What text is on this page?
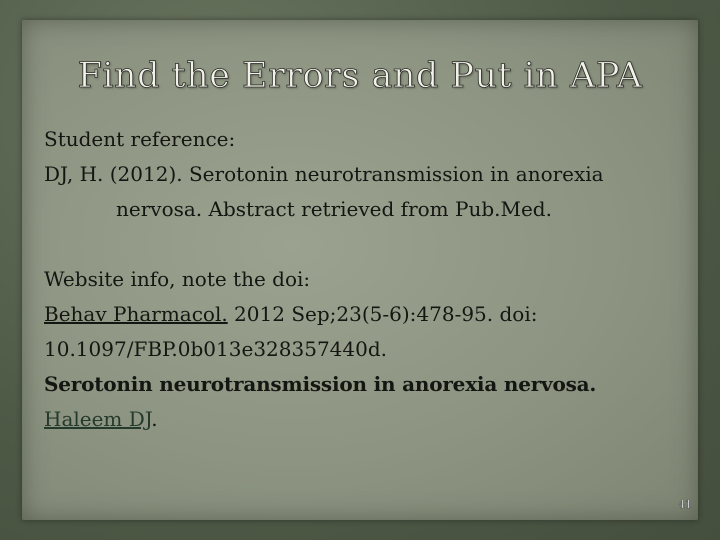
Find the Errors and Put in APA
Student reference:
DJ, H. (2012). Serotonin neurotransmission in anorexia
nervosa. Abstract retrieved from Pub.Med.
Website info, note the doi:
Behav Pharmacol. 2012 Sep;23(5-6):478-95. doi:
10.1097/FBP.0b013e328357440d.
Serotonin neurotransmission in anorexia nervosa.
Haleem DJ.
41
